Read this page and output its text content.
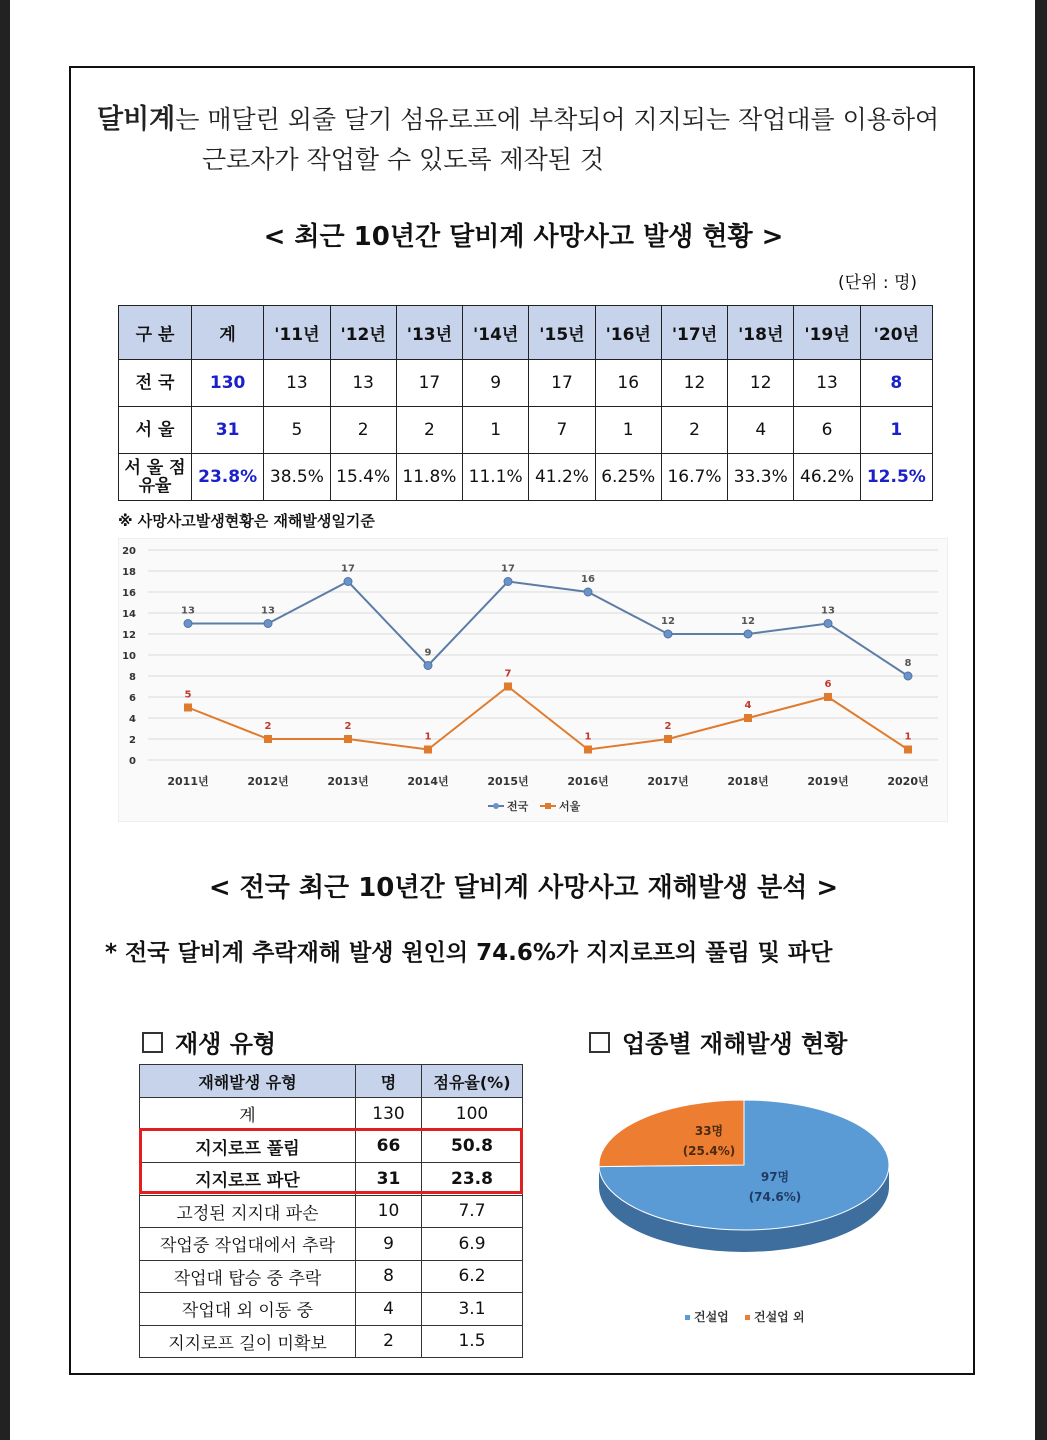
달비계는 매달린 외줄 달기 섬유로프에 부착되어 지지되는 작업대를 이용하여
근로자가 작업할 수 있도록 제작된 것
< 최근 10년간 달비계 사망사고 발생 현황 >
(단위 : 명)
구 분	계	'11년	'12년	'13년	'14년	'15년	'16년	'17년	'18년	'19년	'20년
전 국	130	13	13	17	9	17	16	12	12	13	8
서 울	31	5	2	2	1	7	1	2	4	6	1
서 울 점유율	23.8%	38.5%	15.4%	11.8%	11.1%	41.2%	6.25%	16.7%	33.3%	46.2%	12.5%
※ 사망사고발생현황은 재해발생일기준
0
2
4
6
8
10
12
14
16
18
20
2011년	2012년	2013년	2014년	2015년	2016년	2017년	2018년	2019년	2020년
13	13
17
9
17
16
12	12
13
8
5
2	2
1
7
1
2
4
6
1
전국	서울
< 전국 최근 10년간 달비계 사망사고 재해발생 분석 >
* 전국 달비계 추락재해 발생 원인의 74.6%가 지지로프의 풀림 및 파단
재생 유형	업종별 재해발생 현황
재해발생 유형	명	점유율(%)
계	130	100
지지로프 풀림	66	50.8
지지로프 파단	31	23.8
고정된 지지대 파손	10	7.7
작업중 작업대에서 추락	9	6.9
작업대 탑승 중 추락	8	6.2
작업대 외 이동 중	4	3.1
지지로프 길이 미확보	2	1.5
97명
(74.6%)
33명
(25.4%)
건설업 건설업 외
